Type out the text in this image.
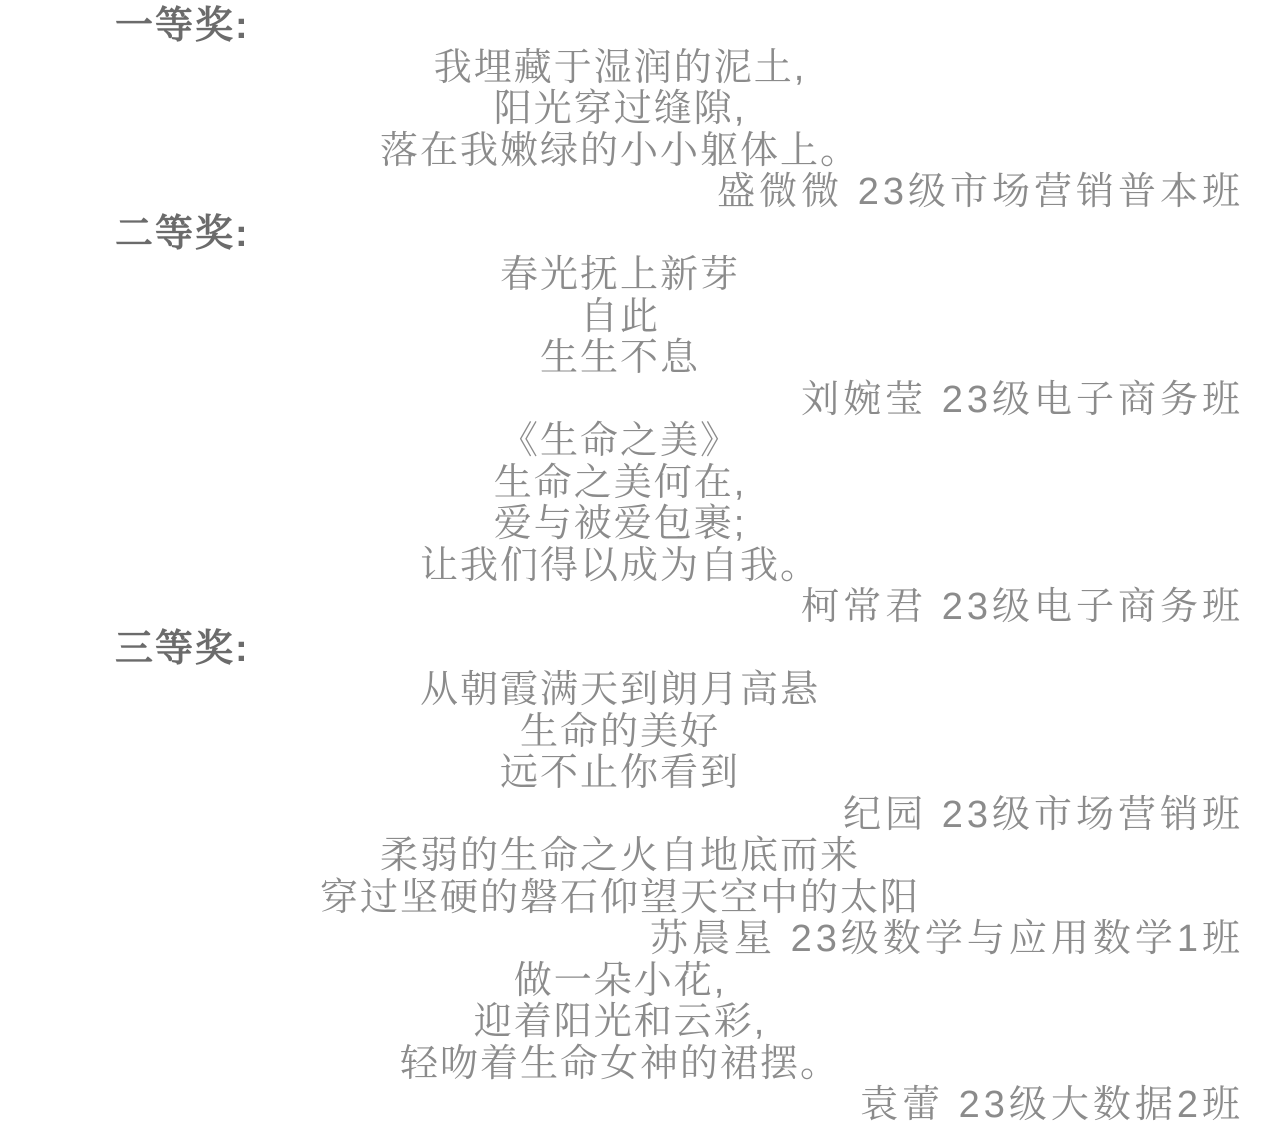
一等奖:
我埋藏于湿润的泥土,
阳光穿过缝隙,
落在我嫩绿的小小躯体上。
盛微微 23级市场营销普本班
二等奖:
春光抚上新芽
自此
生生不息
刘婉莹 23级电子商务班
《生命之美》
生命之美何在,
爱与被爱包裹;
让我们得以成为自我。
柯常君 23级电子商务班
三等奖:
从朝霞满天到朗月高悬
生命的美好
远不止你看到
纪园 23级市场营销班
柔弱的生命之火自地底而来
穿过坚硬的磐石仰望天空中的太阳
苏晨星 23级数学与应用数学1班
做一朵小花,
迎着阳光和云彩,
轻吻着生命女神的裙摆。
袁蕾 23级大数据2班
